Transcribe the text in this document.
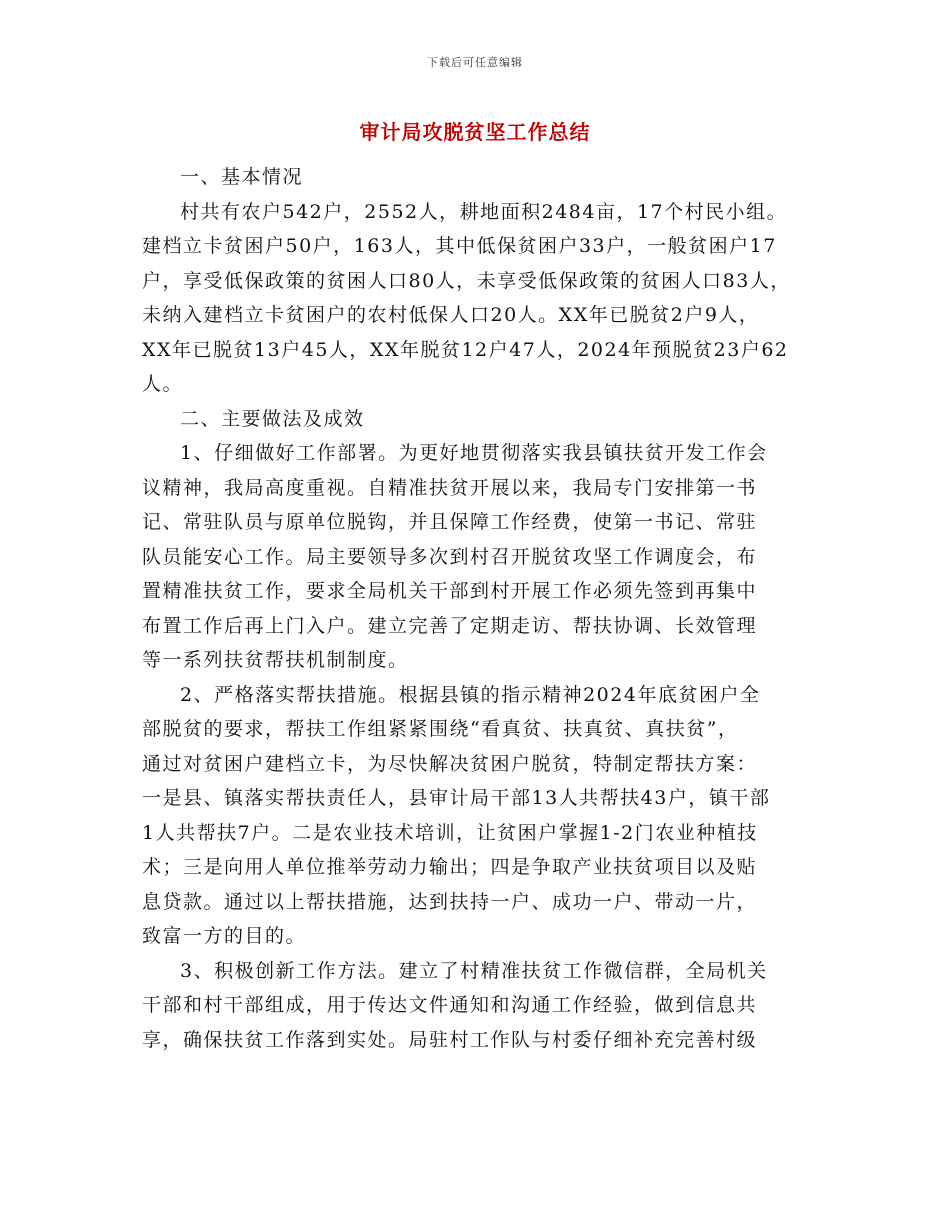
下载后可任意编辑
审计局攻脱贫坚工作总结

一、基本情况

村共有农户542户，2552人，耕地面积2484亩，17个村民小组。
建档立卡贫困户50户，163人，其中低保贫困户33户，一般贫困户17
户，享受低保政策的贫困人口80人，未享受低保政策的贫困人口83人，
未纳入建档立卡贫困户的农村低保人口20人。XX年已脱贫2户9人，
XX年已脱贫13户45人，XX年脱贫12户47人，2024年预脱贫23户62
人。

二、主要做法及成效

1、仔细做好工作部署。为更好地贯彻落实我县镇扶贫开发工作会
议精神，我局高度重视。自精准扶贫开展以来，我局专门安排第一书
记、常驻队员与原单位脱钩，并且保障工作经费，使第一书记、常驻
队员能安心工作。局主要领导多次到村召开脱贫攻坚工作调度会，布
置精准扶贫工作，要求全局机关干部到村开展工作必须先签到再集中
布置工作后再上门入户。建立完善了定期走访、帮扶协调、长效管理
等一系列扶贫帮扶机制制度。
2、严格落实帮扶措施。根据县镇的指示精神2024年底贫困户全
部脱贫的要求，帮扶工作组紧紧围绕“看真贫、扶真贫、真扶贫”，
通过对贫困户建档立卡，为尽快解决贫困户脱贫，特制定帮扶方案：
一是县、镇落实帮扶责任人，县审计局干部13人共帮扶43户，镇干部
1人共帮扶7户。二是农业技术培训，让贫困户掌握1-2门农业种植技
术；三是向用人单位推举劳动力输出；四是争取产业扶贫项目以及贴
息贷款。通过以上帮扶措施，达到扶持一户、成功一户、带动一片，
致富一方的目的。
3、积极创新工作方法。建立了村精准扶贫工作微信群，全局机关
干部和村干部组成，用于传达文件通知和沟通工作经验，做到信息共
享，确保扶贫工作落到实处。局驻村工作队与村委仔细补充完善村级
